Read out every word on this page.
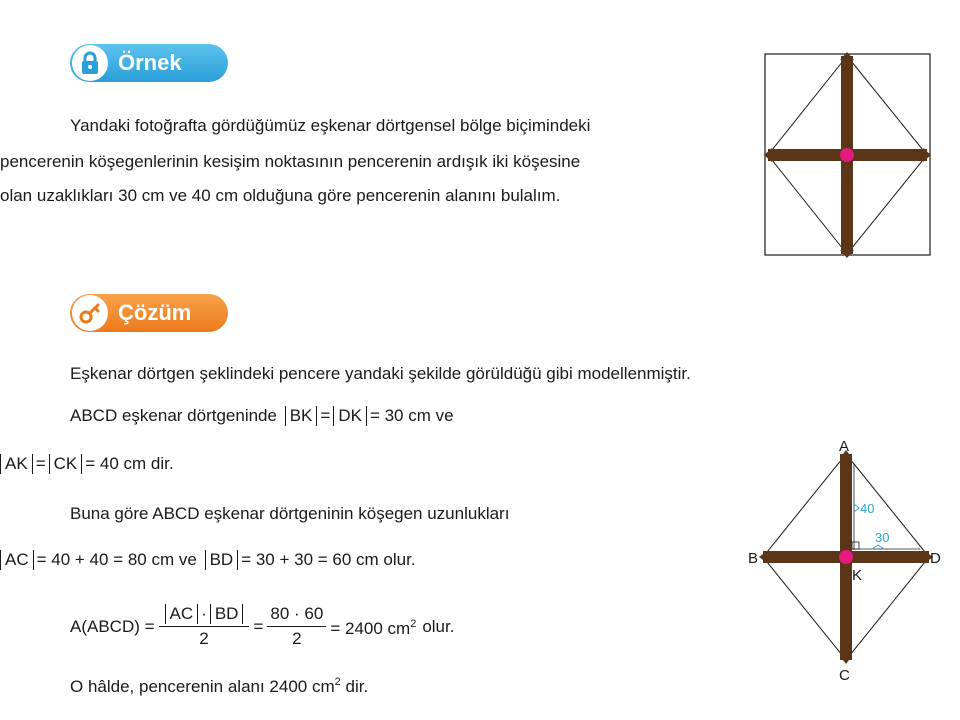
Örnek
Yandaki fotoğrafta gördüğümüz eşkenar dörtgensel bölge biçimindeki
pencerenin köşegenlerinin kesişim noktasının pencerenin ardışık iki köşesine
olan uzaklıkları 30 cm ve 40 cm olduğuna göre pencerenin alanını bulalım.
Çözüm
Eşkenar dörtgen şeklindeki pencere yandaki şekilde görüldüğü gibi modellenmiştir.
ABCD eşkenar dörtgeninde BK = DK = 30 cm ve
AK = CK = 40 cm dir.
Buna göre ABCD eşkenar dörtgeninin köşegen uzunlukları
AC = 40 + 40 = 80 cm ve BD = 30 + 30 = 60 cm olur.
A(ABCD) = $\frac{AC \cdot BD}{2} = \frac{80 \cdot 60}{2} = 2400$ $cm^2$ olur.
O hâlde, pencerenin alanı 2400 $cm^2$ dir.
A
B
C
D
K
40
30
